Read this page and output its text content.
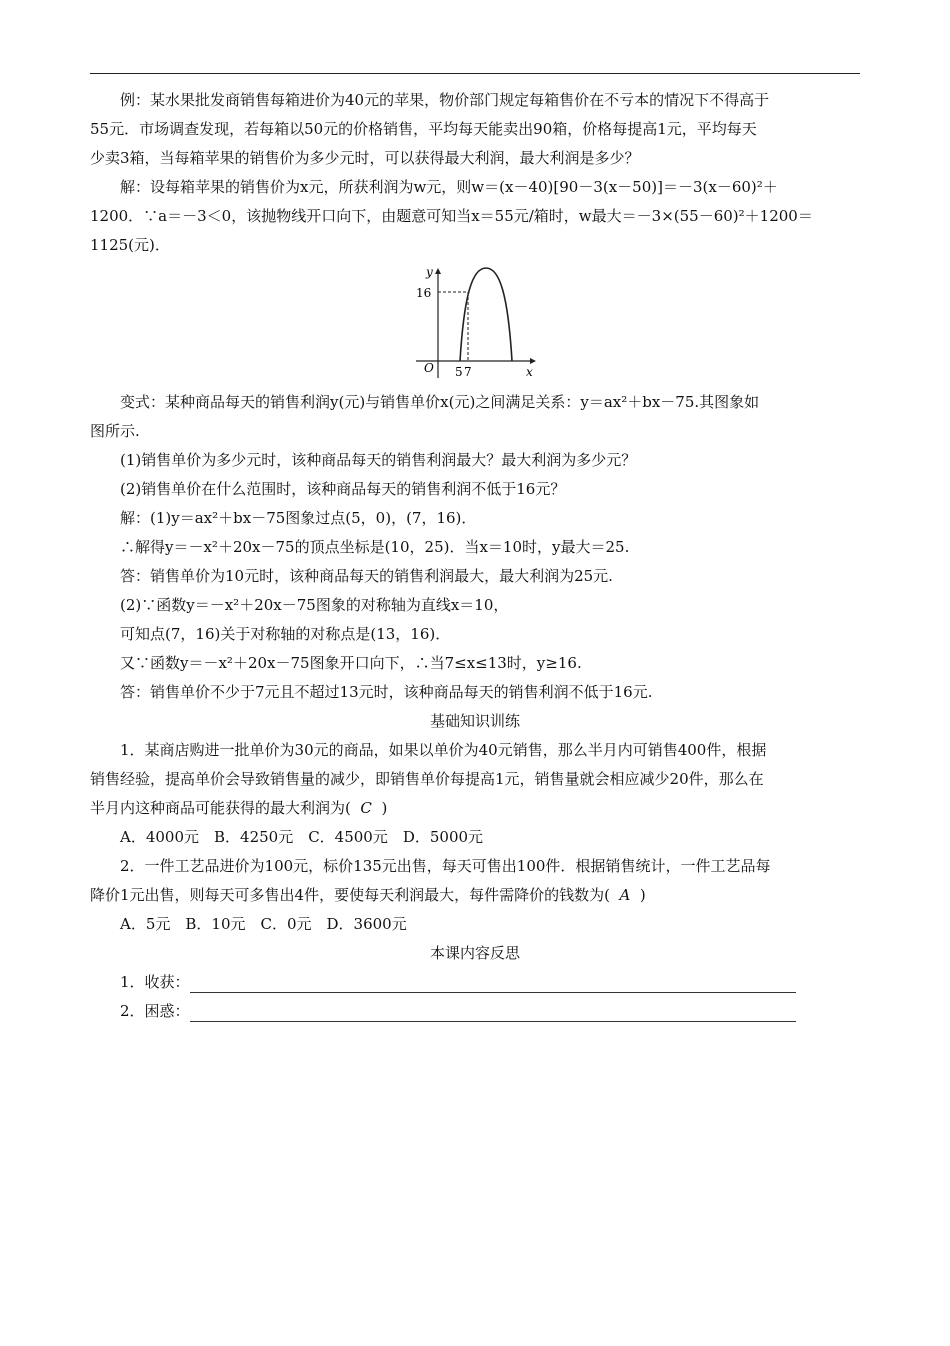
例：某水果批发商销售每箱进价为40元的苹果，物价部门规定每箱售价在不亏本的情况下不得高于

55元．市场调查发现，若每箱以50元的价格销售，平均每天能卖出90箱，价格每提高1元，平均每天

少卖3箱，当每箱苹果的销售价为多少元时，可以获得最大利润，最大利润是多少？

解：设每箱苹果的销售价为x元，所获利润为w元，则w＝(x－40)[90－3(x－50)]＝－3(x－60)²＋

1200．∵a＝－3＜0，该抛物线开口向下，由题意可知当x＝55元/箱时，w最大＝－3×(55－60)²＋1200＝

1125(元)．

y
x
O
16
5 7

变式：某种商品每天的销售利润y(元)与销售单价x(元)之间满足关系：y＝ax²＋bx－75.其图象如

图所示.

(1)销售单价为多少元时，该种商品每天的销售利润最大？最大利润为多少元？

(2)销售单价在什么范围时，该种商品每天的销售利润不低于16元？

解：(1)y＝ax²＋bx－75图象过点(5，0)，(7，16)．

∴解得y＝－x²＋20x－75的顶点坐标是(10，25)．当x＝10时，y最大＝25.

答：销售单价为10元时，该种商品每天的销售利润最大，最大利润为25元.

(2)∵函数y＝－x²＋20x－75图象的对称轴为直线x＝10，

可知点(7，16)关于对称轴的对称点是(13，16)．

又∵函数y＝－x²＋20x－75图象开口向下，∴当7≤x≤13时，y≥16.

答：销售单价不少于7元且不超过13元时，该种商品每天的销售利润不低于16元.

基础知识训练

1．某商店购进一批单价为30元的商品，如果以单价为40元销售，那么半月内可销售400件，根据

销售经验，提高单价会导致销售量的减少，即销售单价每提高1元，销售量就会相应减少20件，那么在

半月内这种商品可能获得的最大利润为( C )

A．4000元　B．4250元　C．4500元　D．5000元

2．一件工艺品进价为100元，标价135元出售，每天可售出100件．根据销售统计，一件工艺品每

降价1元出售，则每天可多售出4件，要使每天利润最大，每件需降价的钱数为( A )

A．5元　B．10元　C．0元　D．3600元

本课内容反思

1．收获：

2．困惑：
